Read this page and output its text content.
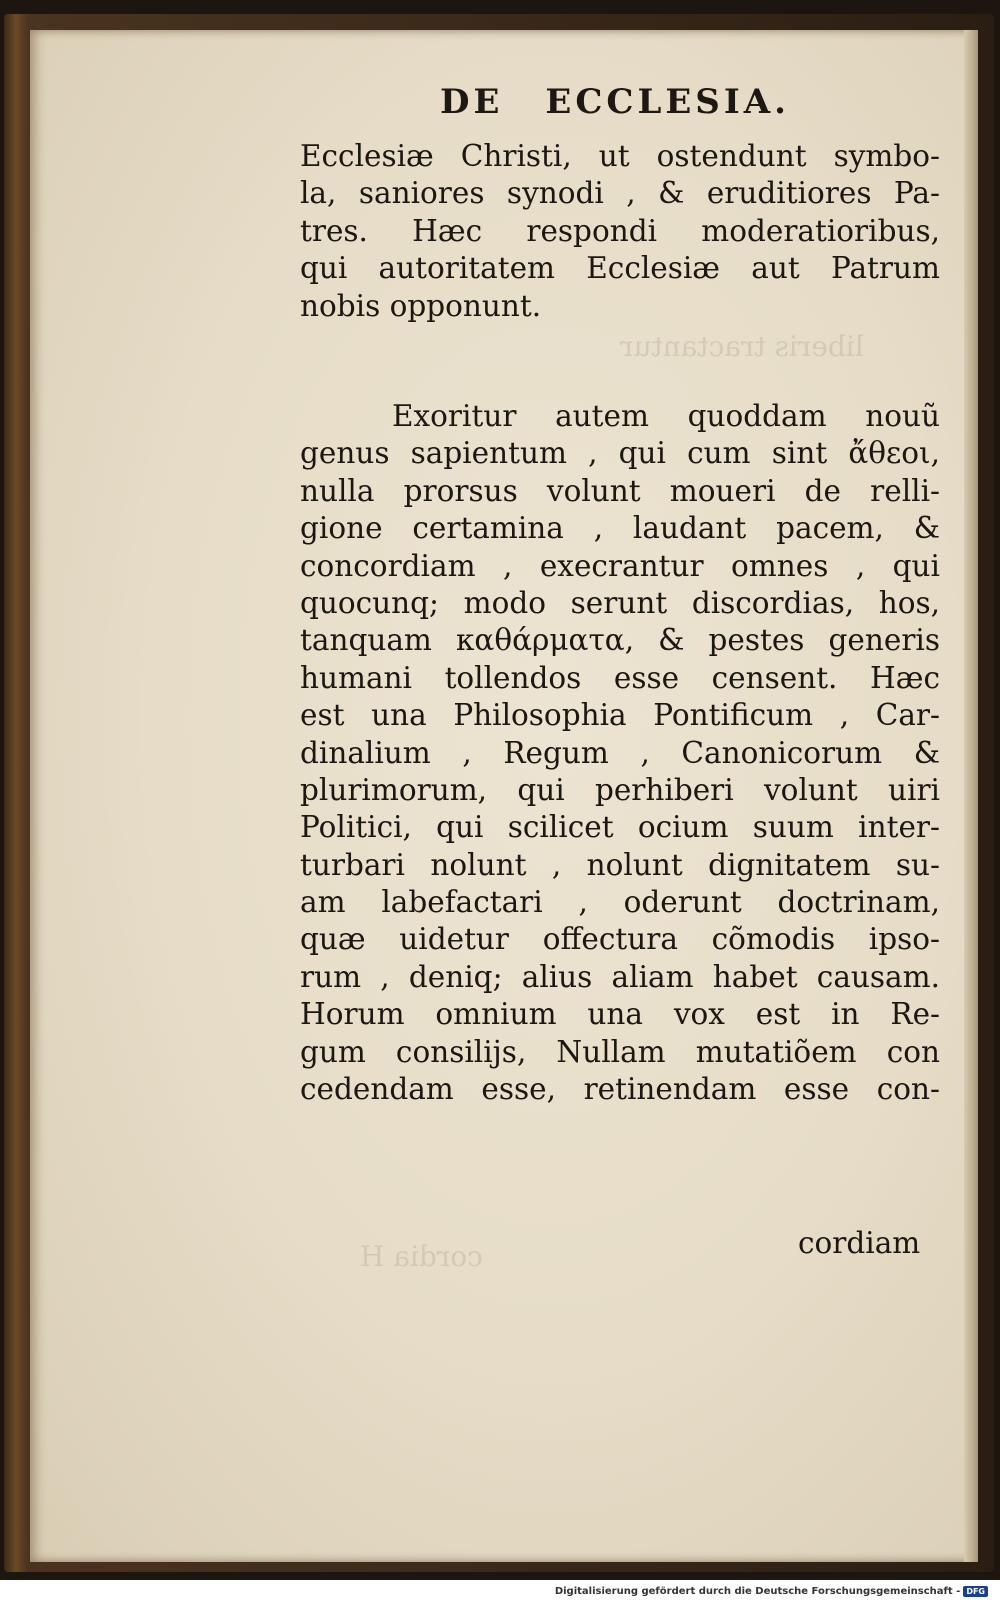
liberis tractantur
cordia H
DE ECCLESIA.
Ecclesiæ Christi, ut ostendunt symbo-
la, saniores synodi , & eruditiores Pa-
tres. Hæc respondi moderatioribus,
qui autoritatem Ecclesiæ aut Patrum
nobis opponunt.
Exoritur autem quoddam nouũ
genus sapientum , qui cum sint ἄθεοι,
nulla prorsus volunt moueri de relli-
gione certamina , laudant pacem, &
concordiam , execrantur omnes , qui
quocunq; modo serunt discordias, hos,
tanquam καθάρματα, & pestes generis
humani tollendos esse censent. Hæc
est una Philosophia Pontificum , Car-
dinalium , Regum , Canonicorum &
plurimorum, qui perhiberi volunt uiri
Politici, qui scilicet ocium suum inter-
turbari nolunt , nolunt dignitatem su-
am labefactari , oderunt doctrinam,
quæ uidetur offectura cõmodis ipso-
rum , deniq; alius aliam habet causam.
Horum omnium una vox est in Re-
gum consilijs, Nullam mutatiõem con
cedendam esse, retinendam esse con-
cordiam
Digitalisierung gefördert durch die Deutsche Forschungsgemeinschaft - DFG
